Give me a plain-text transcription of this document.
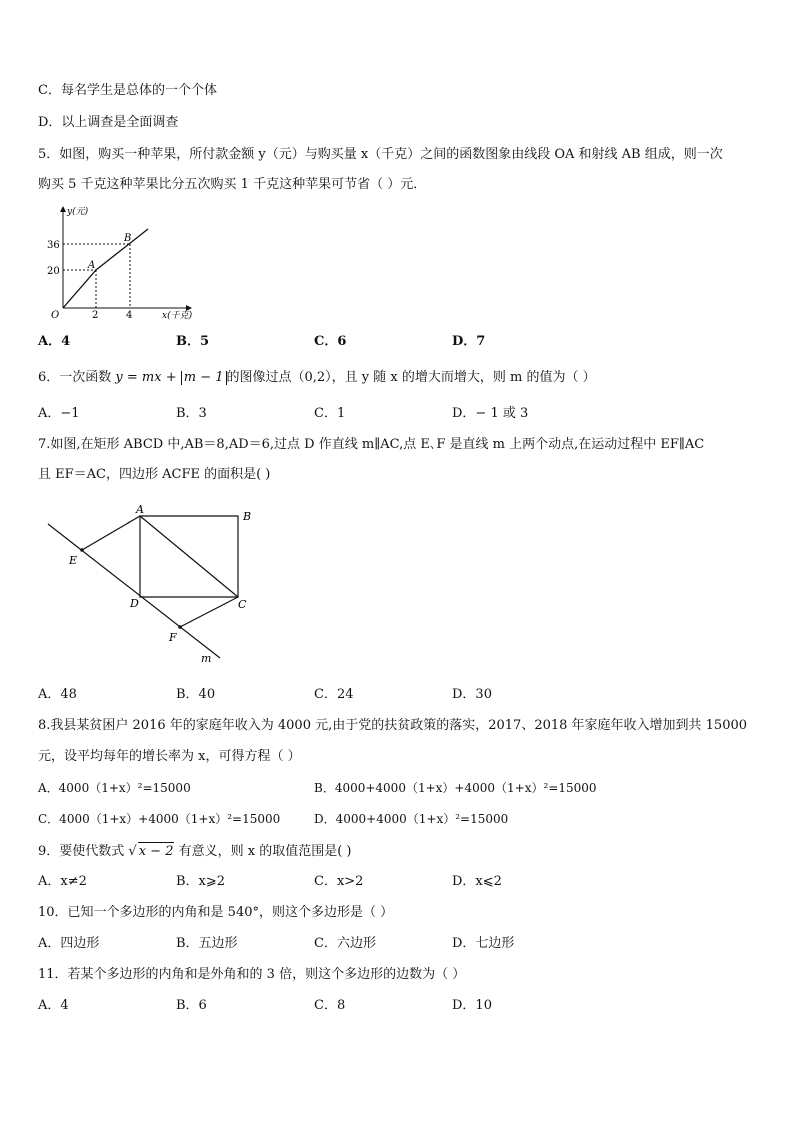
C．每名学生是总体的一个个体
D．以上调查是全面调查
5．如图，购买一种苹果，所付款金额 y（元）与购买量 x（千克）之间的函数图象由线段 OA 和射线 AB 组成，则一次
购买 5 千克这种苹果比分五次购买 1 千克这种苹果可节省（ ）元．
y(元)
x(千克)
O
36
20
2	4
A
B
A．4	B．5	C．6	D．7
6．一次函数 y = mx + m − 1 的图像过点（0,2），且 y 随 x 的增大而增大，则 m 的值为（ ）
A．−1	B．3	C．1	D．− 1 或 3
7.如图,在矩形 ABCD 中,AB＝8,AD＝6,过点 D 作直线 m∥AC,点 E､F 是直线 m 上两个动点,在运动过程中 EF∥AC
且 EF＝AC，四边形 ACFE 的面积是( )
A
B
C
D
E
F
m
A．48	B．40	C．24	D．30
8.我县某贫困户 2016 年的家庭年收入为 4000 元,由于党的扶贫政策的落实，2017、2018 年家庭年收入增加到共 15000
元，设平均每年的增长率为 x，可得方程（ ）
A．4000（1+x）²=15000	B．4000+4000（1+x）+4000（1+x）²=15000
C．4000（1+x）+4000（1+x）²=15000	D．4000+4000（1+x）²=15000
9．要使代数式 √ x − 2 有意义，则 x 的取值范围是( )
A．x≠2	B．x⩾2	C．x>2	D．x⩽2
10．已知一个多边形的内角和是 540°，则这个多边形是（ ）
A．四边形	B．五边形	C．六边形	D．七边形
11．若某个多边形的内角和是外角和的 3 倍，则这个多边形的边数为（ ）
A．4	B．6	C．8	D．10
